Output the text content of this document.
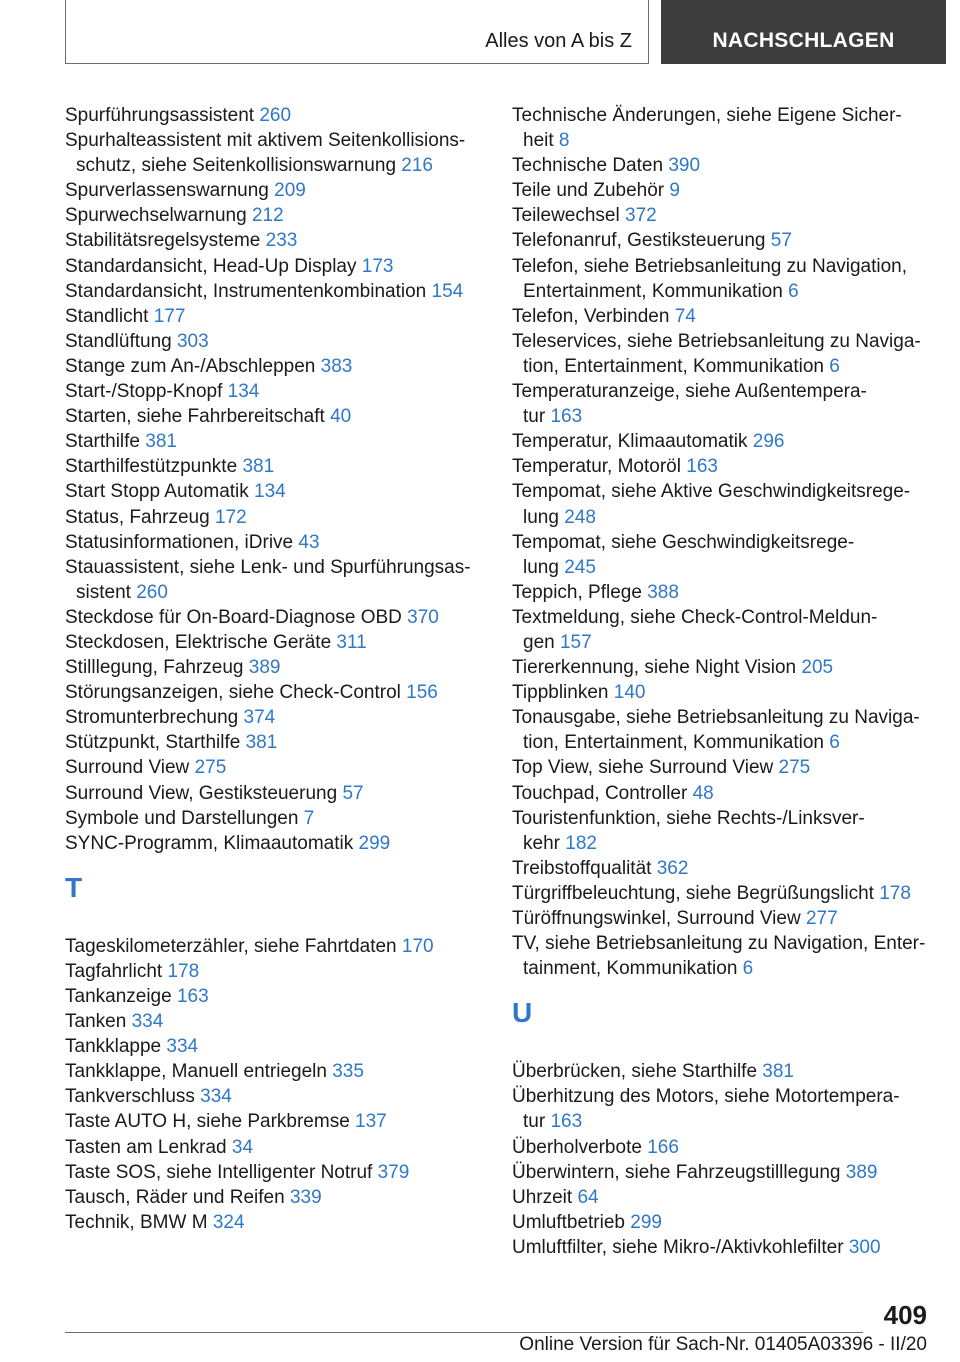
Alles von A bis Z	NACHSCHLAGEN
Spurführungsassistent 260
Spurhalteassistent mit aktivem Seitenkollisions-
schutz, siehe Seitenkollisionswarnung 216
Spurverlassenswarnung 209
Spurwechselwarnung 212
Stabilitätsregelsysteme 233
Standardansicht, Head-Up Display 173
Standardansicht, Instrumentenkombination 154
Standlicht 177
Standlüftung 303
Stange zum An-/Abschleppen 383
Start-/Stopp-Knopf 134
Starten, siehe Fahrbereitschaft 40
Starthilfe 381
Starthilfestützpunkte 381
Start Stopp Automatik 134
Status, Fahrzeug 172
Statusinformationen, iDrive 43
Stauassistent, siehe Lenk- und Spurführungsas-
sistent 260
Steckdose für On-Board-Diagnose OBD 370
Steckdosen, Elektrische Geräte 311
Stilllegung, Fahrzeug 389
Störungsanzeigen, siehe Check-Control 156
Stromunterbrechung 374
Stützpunkt, Starthilfe 381
Surround View 275
Surround View, Gestiksteuerung 57
Symbole und Darstellungen 7
SYNC-Programm, Klimaautomatik 299
T
Tageskilometerzähler, siehe Fahrtdaten 170
Tagfahrlicht 178
Tankanzeige 163
Tanken 334
Tankklappe 334
Tankklappe, Manuell entriegeln 335
Tankverschluss 334
Taste AUTO H, siehe Parkbremse 137
Tasten am Lenkrad 34
Taste SOS, siehe Intelligenter Notruf 379
Tausch, Räder und Reifen 339
Technik, BMW M 324
Technische Änderungen, siehe Eigene Sicher-
heit 8
Technische Daten 390
Teile und Zubehör 9
Teilewechsel 372
Telefonanruf, Gestiksteuerung 57
Telefon, siehe Betriebsanleitung zu Navigation,
Entertainment, Kommunikation 6
Telefon, Verbinden 74
Teleservices, siehe Betriebsanleitung zu Naviga-
tion, Entertainment, Kommunikation 6
Temperaturanzeige, siehe Außentempera-
tur 163
Temperatur, Klimaautomatik 296
Temperatur, Motoröl 163
Tempomat, siehe Aktive Geschwindigkeitsrege-
lung 248
Tempomat, siehe Geschwindigkeitsrege-
lung 245
Teppich, Pflege 388
Textmeldung, siehe Check-Control-Meldun-
gen 157
Tiererkennung, siehe Night Vision 205
Tippblinken 140
Tonausgabe, siehe Betriebsanleitung zu Naviga-
tion, Entertainment, Kommunikation 6
Top View, siehe Surround View 275
Touchpad, Controller 48
Touristenfunktion, siehe Rechts-/Linksver-
kehr 182
Treibstoffqualität 362
Türgriffbeleuchtung, siehe Begrüßungslicht 178
Türöffnungswinkel, Surround View 277
TV, siehe Betriebsanleitung zu Navigation, Enter-
tainment, Kommunikation 6
U
Überbrücken, siehe Starthilfe 381
Überhitzung des Motors, siehe Motortempera-
tur 163
Überholverbote 166
Überwintern, siehe Fahrzeugstilllegung 389
Uhrzeit 64
Umluftbetrieb 299
Umluftfilter, siehe Mikro-/Aktivkohlefilter 300
409
Online Version für Sach-Nr. 01405A03396 - II/20
